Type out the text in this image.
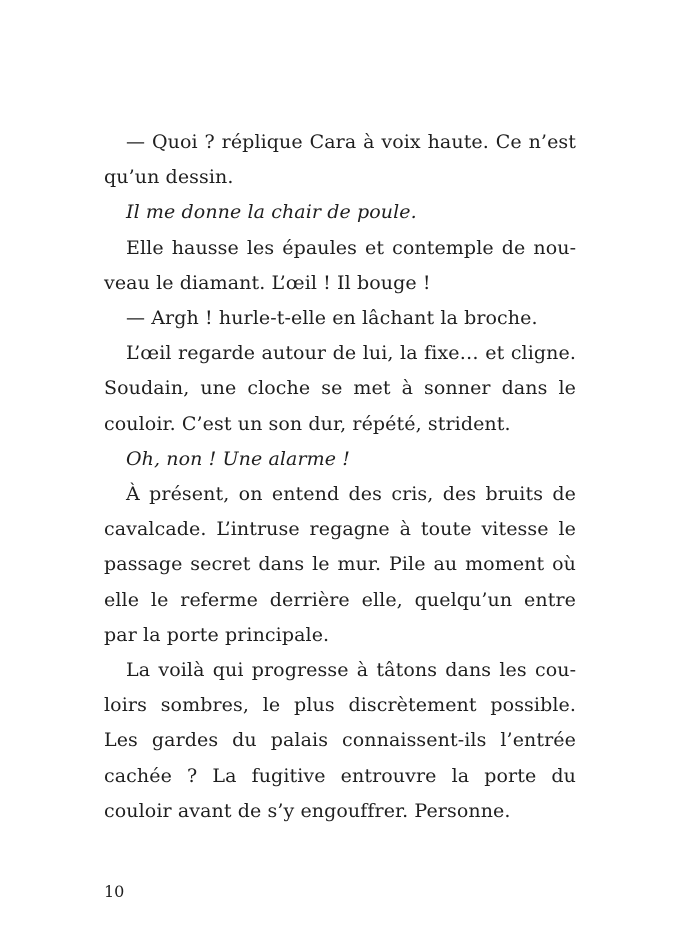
— Quoi ? réplique Cara à voix haute. Ce n’est qu’un dessin.

Il me donne la chair de poule.

Elle hausse les épaules et contemple de nouveau le diamant. L’œil ! Il bouge !

— Argh ! hurle-t-elle en lâchant la broche.

L’œil regarde autour de lui, la fixe… et cligne. Soudain, une cloche se met à sonner dans le couloir. C’est un son dur, répété, strident.

Oh, non ! Une alarme !

À présent, on entend des cris, des bruits de cavalcade. L’intruse regagne à toute vitesse le passage secret dans le mur. Pile au moment où elle le referme derrière elle, quelqu’un entre par la porte principale.

La voilà qui progresse à tâtons dans les couloirs sombres, le plus discrètement possible. Les gardes du palais connaissent-ils l’entrée cachée ? La fugitive entrouvre la porte du couloir avant de s’y engouffrer. Personne.

10
